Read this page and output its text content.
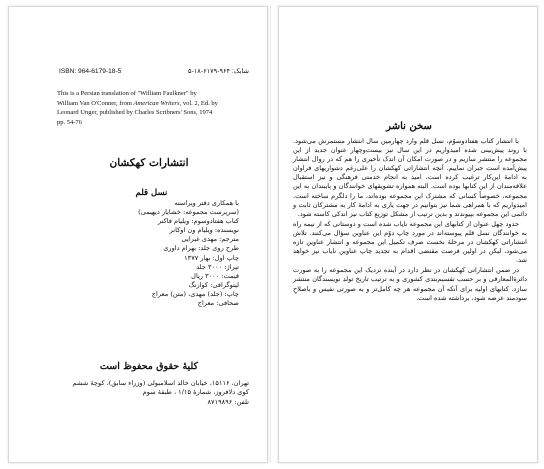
ISBN: 964-6179-18-5	شابک: ۹۶۴-۶۱۷۹-۱۸-۵
This is a Persian translation of "William Faulkner" by
William Van O'Conner, from American Writers, vol. 2, Ed. by
Leonard Unger, published by Charles Scribners' Sons, 1974
pp. 54-76
انتشارات کهکشان
نسل قلم
با همکاری دفتر ویراسته
(سرپرست مجموعه: خشایار دیهیمی)
کتاب هفتادوسوم: ویلیام فاکنر
نویسنده: ویلیام ون اوکانر
مترجم: مهدی غبرایی
طرح روی جلد: بهرام داوری
چاپ اول: بهار ۱۳۷۷
تیراژ: ۳۰۰۰ جلد
قیمت: ۳۰۰۰ ریال
لیتوگرافی: کوارنگ
چاپ: (جلد) مهدی، (متن) معراج
صحافی: معراج
کلیهٔ حقوق محفوظ است
تهران، ۱۵۱۱۶، خیابان خالد اسلامبولی (وزراء سابق)، کوچهٔ ششم
کوی دلافروز، شمارهٔ ۱/۱۵ ، طبقهٔ سوم
تلفن: ۸۷۱۹۸۹۶
سخن ناشر

با انتشار کتاب هفتادوسوّم، نسل قلم وارد چهارمین سال انتشار مستمرش می‌شود. با روند پیش‌بینی شده امیدواریم در این سال نیز بیست‌وچهار عنوان جدید از این مجموعه را منتشر سازیم و در صورت امکان آن اندک تأخیری را هم که در روال انتشار پیش‌آمده است جبران نماییم. آنچه انتشاراتی کهکشان را علی‌رغم دشواریهای فراوان به ادامهٔ این‌کار ترغیب کرده است، امید به انجام خدمتی فرهنگی و نیز استقبال علاقه‌مندان از این کتابها بوده است. البته همواره تشویقهای خوانندگان و پایبندان به این مجموعه، خصوصاً کسانی که مشترک این مجموعه بوده‌اند، ما را دلگرم ساخته است. امیدواریم که با همراهی شما نیز بتوانیم در جهت یاری به ادامهٔ کار به مشترکان ثابت و دائمی این مجموعه بپیوندند و بدین ترتیب از مشکل توزیع کتاب نیز اندکی کاسته شود.

حدود چهل عنوان از کتابهای این مجموعه نایاب شده است و دوستانی که از نیمه راه به خوانندگان نسل قلم پیوسته‌اند در مورد چاپ دوّم این عناوین سؤال می‌کنند. تلاش انتشاراتی کهکشان در مرحلهٔ نخست صرف تکمیل این مجموعه و انتشار عناوین تازه می‌شود، لیکن در اولین فرصت مقتضی اقدام به تجدید چاپ عناوین نایاب نیز خواهد شد.

در ضمن انتشاراتی کهکشان در نظر دارد در آینده نزدیک این مجموعه را به صورت دائرةالمعارفی و بر حسب تقسیم‌بندی کشوری و به ترتیب تاریخ تولد نویسندگان منتشر سازد. کتابهای اولیه برای آنکه آن مجموعه هر چه کامل‌تر و به صورتی نفیس و باصلاحِ سودمند عرضه شود، برداشته شده است.
